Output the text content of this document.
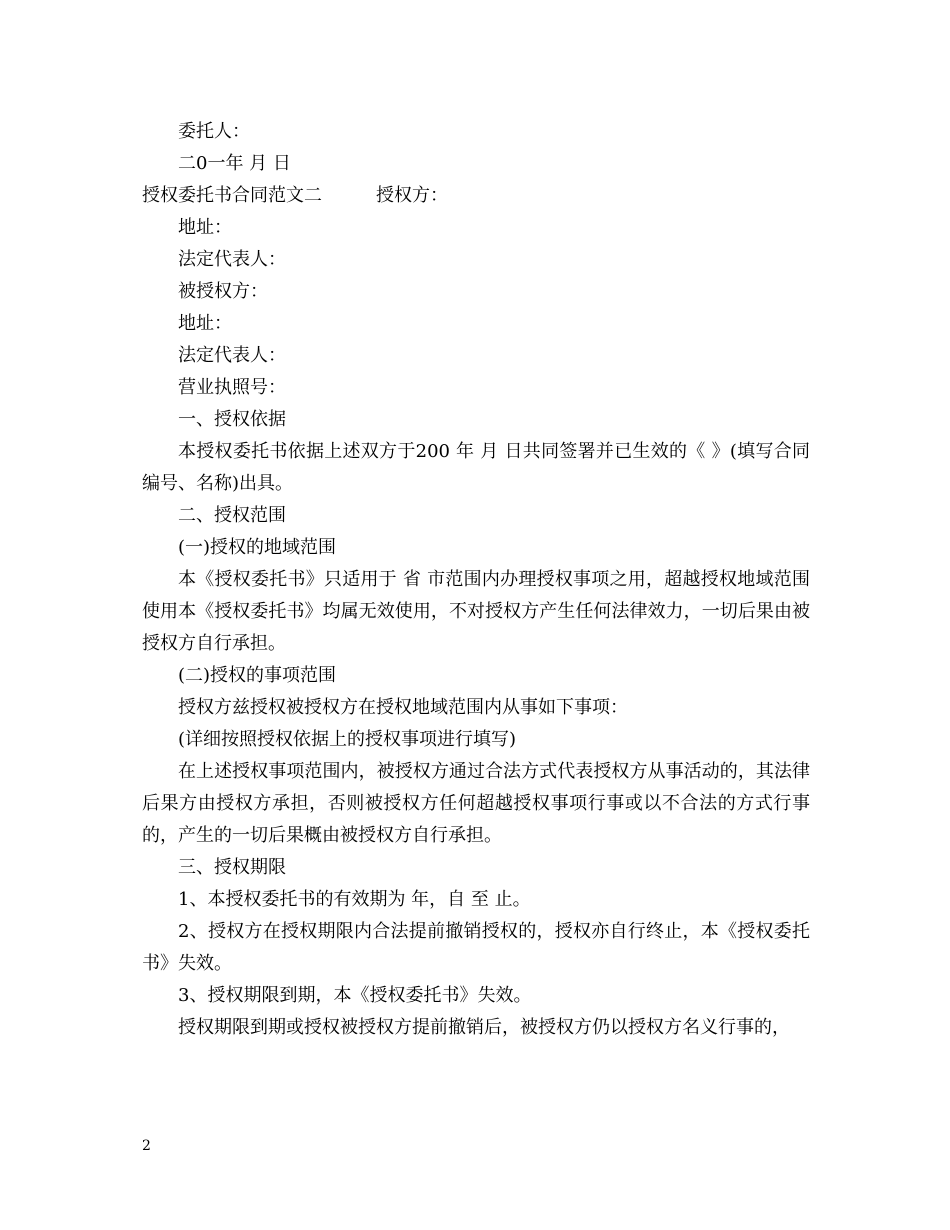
委托人：

二0一年 月 日

授权委托书合同范文二	授权方：

地址：

法定代表人：

被授权方：

地址：

法定代表人：

营业执照号：

一、授权依据

本授权委托书依据上述双方于200 年 月 日共同签署并已生效的《 》(填写合同编号、名称)出具。

二、授权范围

(一)授权的地域范围

本《授权委托书》只适用于 省 市范围内办理授权事项之用，超越授权地域范围使用本《授权委托书》均属无效使用，不对授权方产生任何法律效力，一切后果由被授权方自行承担。

(二)授权的事项范围

授权方兹授权被授权方在授权地域范围内从事如下事项：

(详细按照授权依据上的授权事项进行填写)

在上述授权事项范围内，被授权方通过合法方式代表授权方从事活动的，其法律后果方由授权方承担，否则被授权方任何超越授权事项行事或以不合法的方式行事的，产生的一切后果概由被授权方自行承担。

三、授权期限

1、本授权委托书的有效期为 年，自 至 止。

2、授权方在授权期限内合法提前撤销授权的，授权亦自行终止，本《授权委托书》失效。

3、授权期限到期，本《授权委托书》失效。

授权期限到期或授权被授权方提前撤销后，被授权方仍以授权方名义行事的，

2
